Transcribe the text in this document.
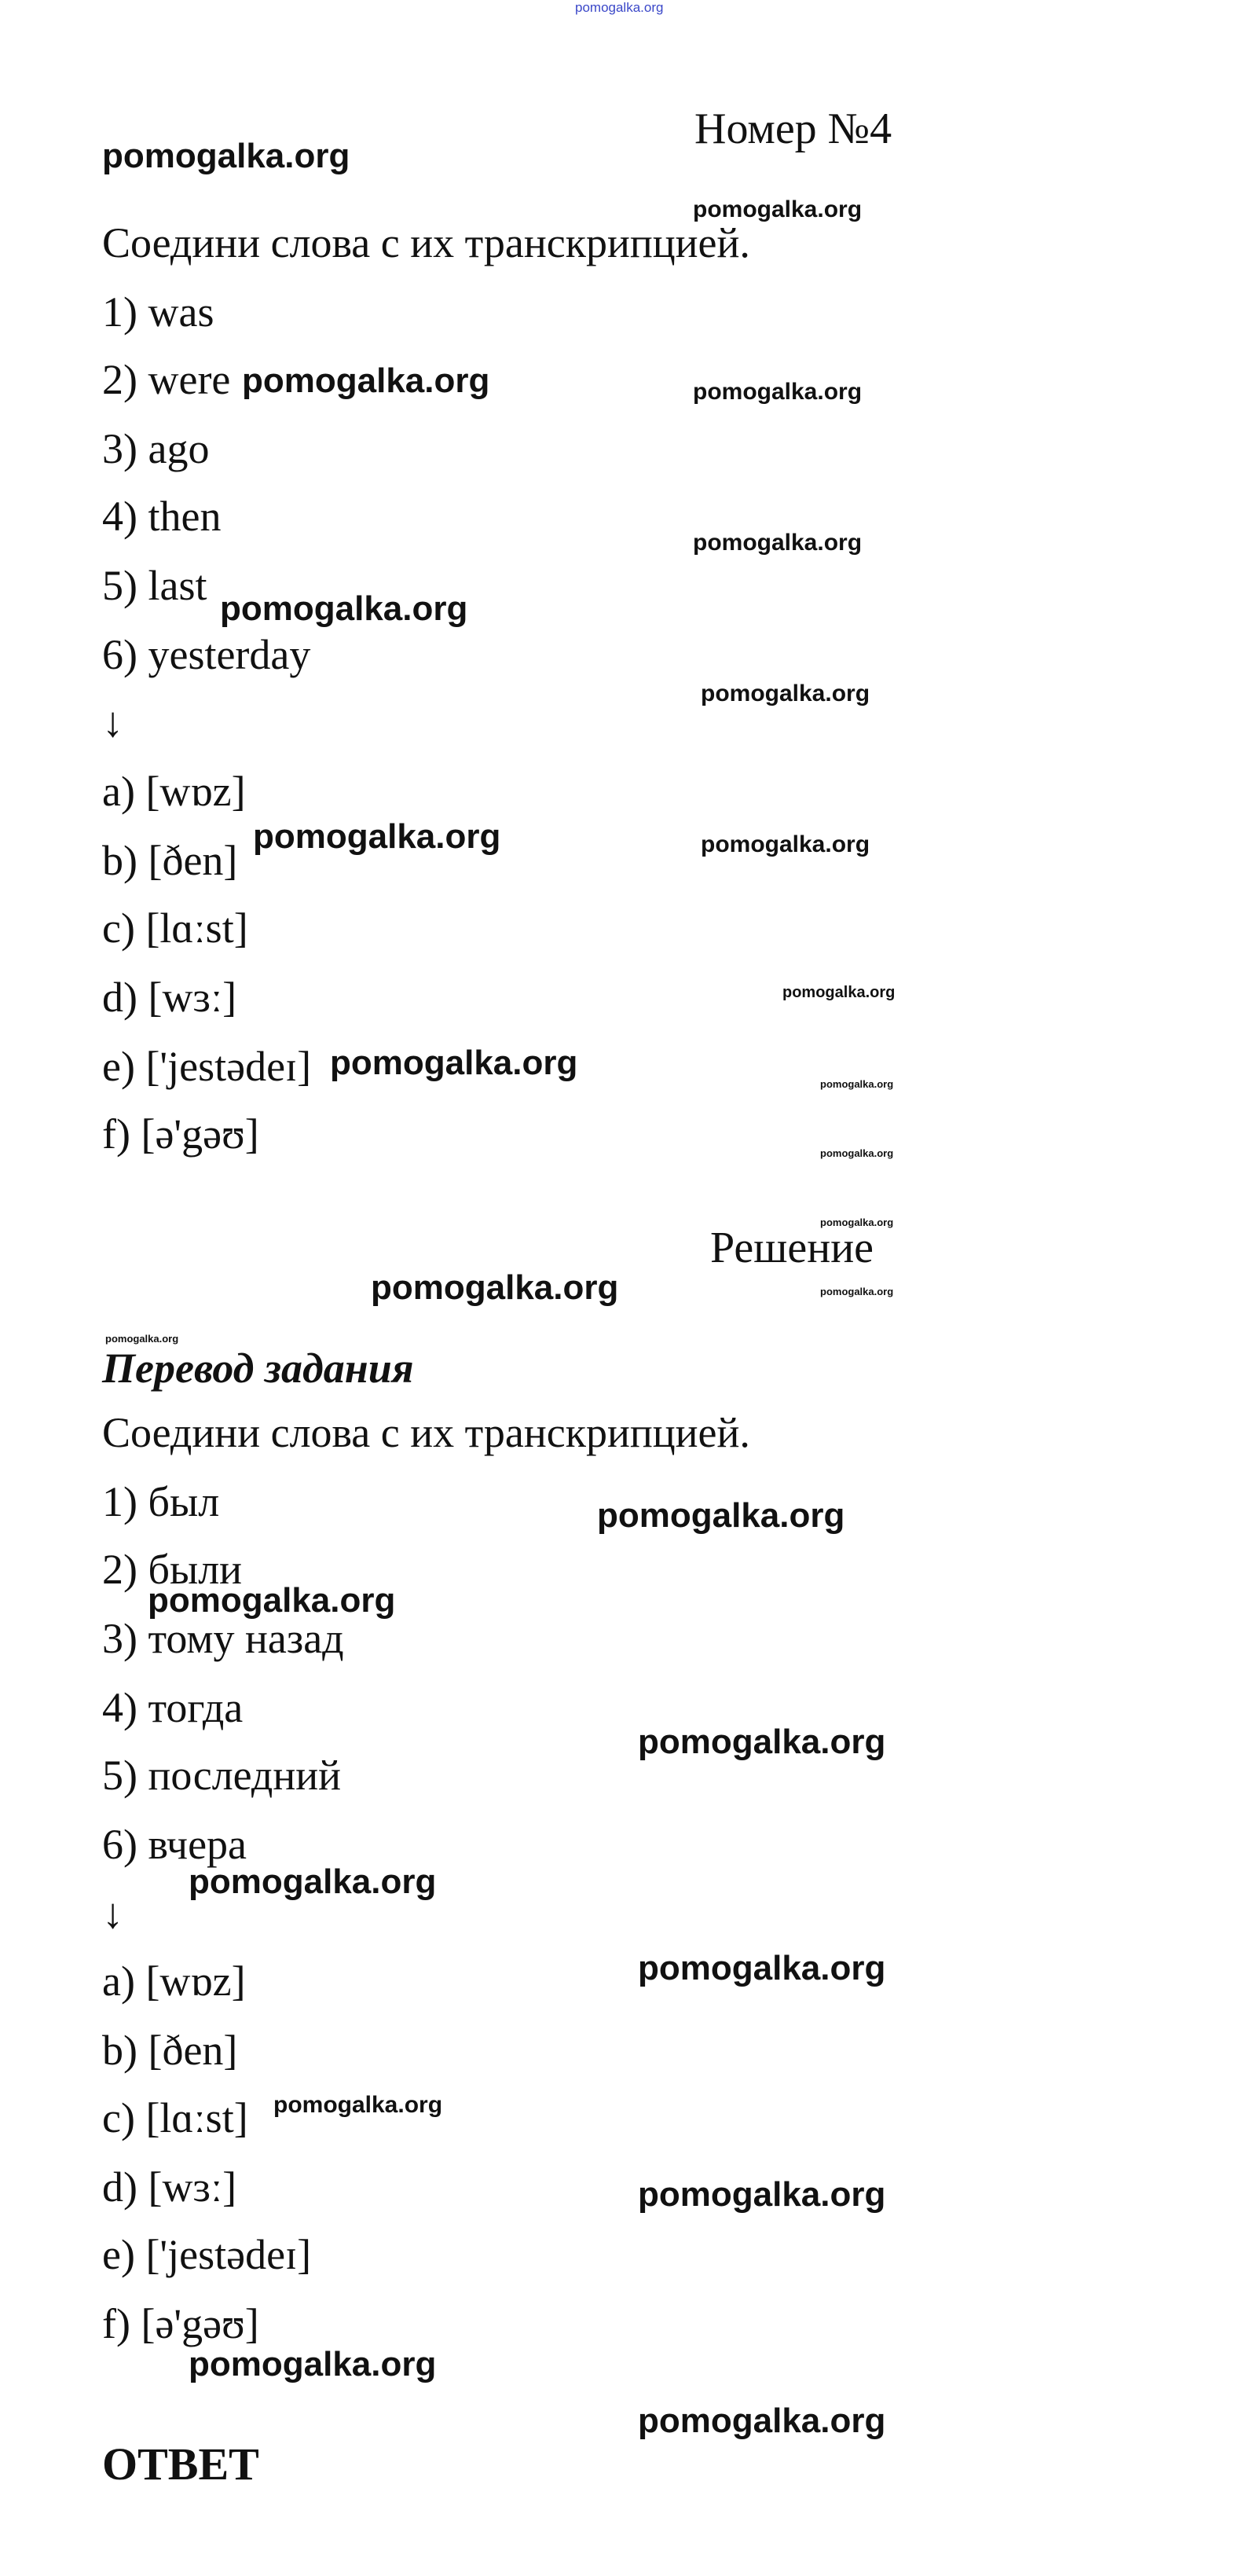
pomogalka.org
Номер №4
pomogalka.org
pomogalka.org
Соедини слова с их транскрипцией.
1) was
2) were pomogalka.org	pomogalka.org
3) ago
4) then
pomogalka.org
5) last pomogalka.org
6) yesterday
pomogalka.org
↓
a) [wɒz]
b) [ðen]
pomogalka.org	pomogalka.org
c) [lɑːst]
d) [wɜː]	pomogalka.org
e) ['jestədeɪ] pomogalka.org
pomogalka.org
f) [ə'gəʊ]	pomogalka.org
pomogalka.org
Решение
pomogalka.org	pomogalka.org
pomogalka.org
Перевод задания
Соедини слова с их транскрипцией.
1) был	pomogalka.org
2) были
pomogalka.org
3) тому назад
4) тогда
pomogalka.org
5) последний
6) вчера
pomogalka.org
↓
pomogalka.org
a) [wɒz]
b) [ðen]
c) [lɑːst] pomogalka.org
d) [wɜː]	pomogalka.org
e) ['jestədeɪ]
f) [ə'gəʊ]
pomogalka.org
pomogalka.org
ОТВЕТ
